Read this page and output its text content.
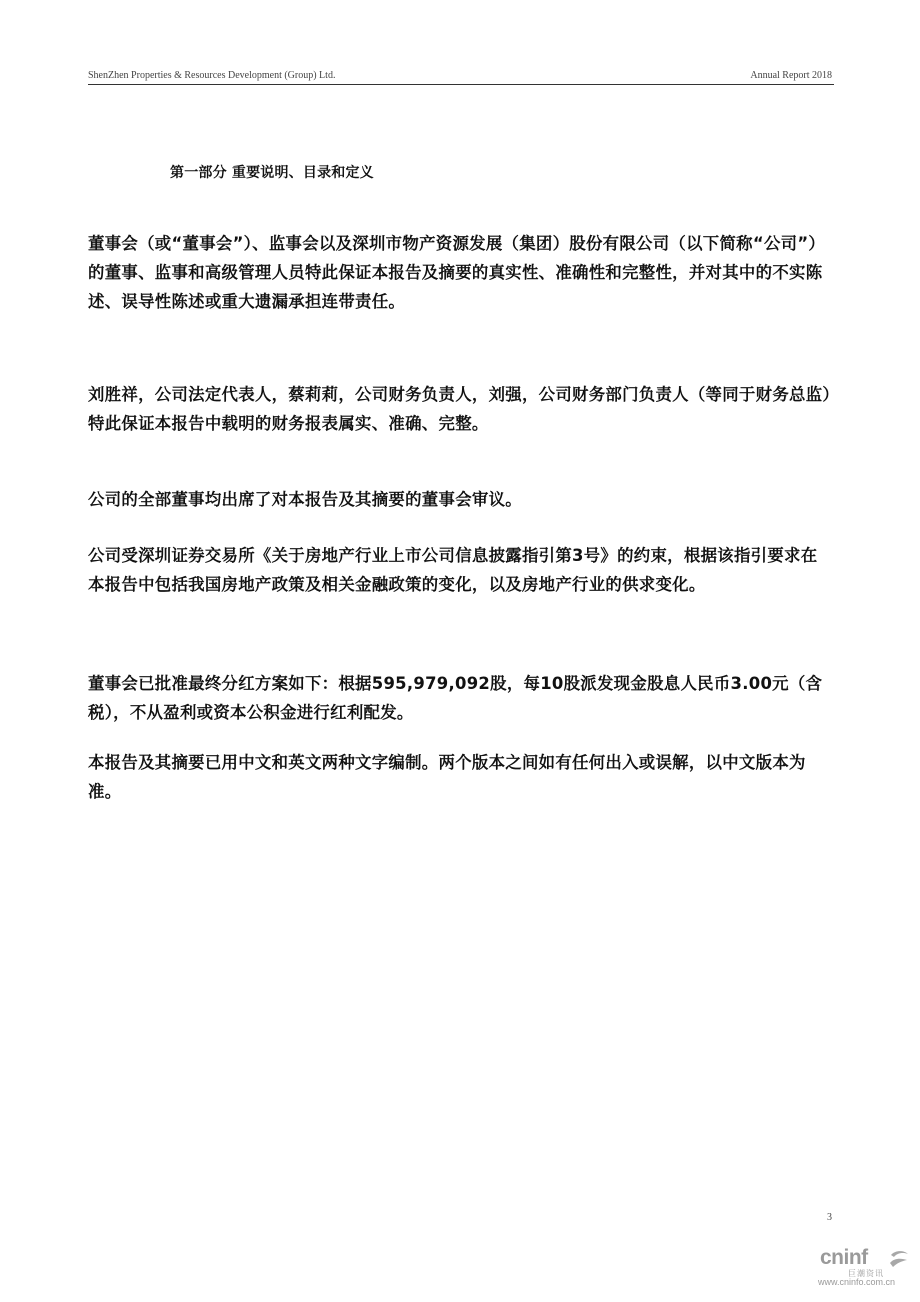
ShenZhen Properties & Resources Development (Group) Ltd.	Annual Report 2018
第一部分 重要说明、目录和定义

董事会（或“董事会”）、监事会以及深圳市物产资源发展（集团）股份有限公司（以下简称“公司”）的董事、监事和高级管理人员特此保证本报告及摘要的真实性、准确性和完整性，并对其中的不实陈述、误导性陈述或重大遗漏承担连带责任。

刘胜祥，公司法定代表人，蔡莉莉，公司财务负责人，刘强，公司财务部门负责人（等同于财务总监）特此保证本报告中载明的财务报表属实、准确、完整。

公司的全部董事均出席了对本报告及其摘要的董事会审议。

公司受深圳证券交易所《关于房地产行业上市公司信息披露指引第3号》的约束，根据该指引要求在本报告中包括我国房地产政策及相关金融政策的变化，以及房地产行业的供求变化。

董事会已批准最终分红方案如下：根据595,979,092股，每10股派发现金股息人民币3.00元（含税），不从盈利或资本公积金进行红利配发。

本报告及其摘要已用中文和英文两种文字编制。两个版本之间如有任何出入或误解，以中文版本为准。

3
cninf
巨潮资讯
www.cninfo.com.cn
